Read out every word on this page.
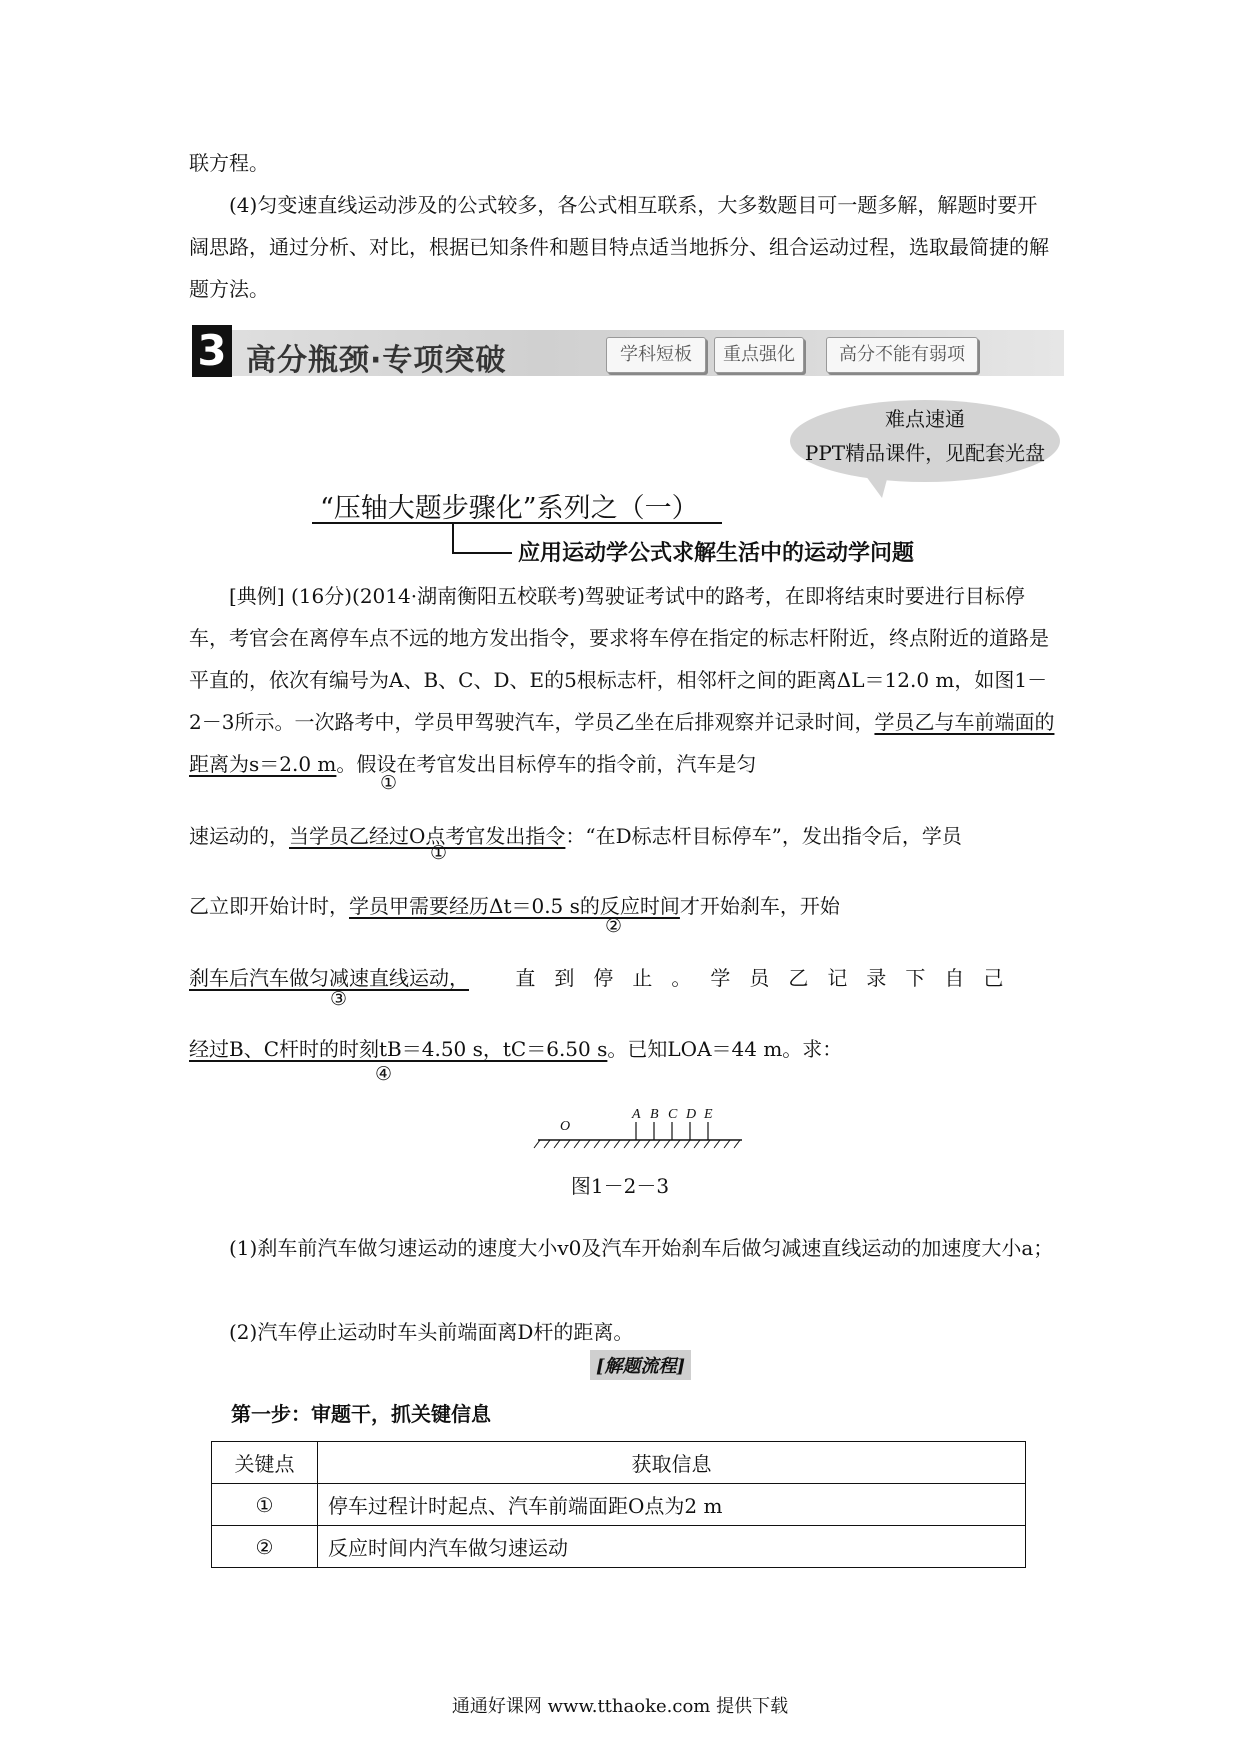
联方程。
(4)匀变速直线运动涉及的公式较多，各公式相互联系，大多数题目可一题多解，解题时要开阔思路，通过分析、对比，根据已知条件和题目特点适当地拆分、组合运动过程，选取最简捷的解题方法。
3 高分瓶颈·专项突破	学科短板	重点强化	高分不能有弱项
难点速通
PPT精品课件，见配套光盘
“压轴大题步骤化”系列之（一）
应用运动学公式求解生活中的运动学问题
[典例] (16分)(2014·湖南衡阳五校联考)驾驶证考试中的路考，在即将结束时要进行目标停车，考官会在离停车点不远的地方发出指令，要求将车停在指定的标志杆附近，终点附近的道路是平直的，依次有编号为A、B、C、D、E的5根标志杆，相邻杆之间的距离ΔL＝12.0 m，如图1－2－3所示。一次路考中，学员甲驾驶汽车，学员乙坐在后排观察并记录时间，学员乙与车前端面的距离为s＝2.0 m。假设在考官发出目标停车的指令前，汽车是匀
①
速运动的，当学员乙经过O点考官发出指令：“在D标志杆目标停车”，发出指令后，学员
①
乙立即开始计时，学员甲需要经历Δt＝0.5 s的反应时间才开始刹车，开始
②
刹车后汽车做匀减速直线运动， 直到停止。学员乙记录下自己
③
经过B、C杆时的时刻tB＝4.50 s，tC＝6.50 s。已知LOA＝44 m。求：
④
O
A B C D E
图1－2－3
(1)刹车前汽车做匀速运动的速度大小v0及汽车开始刹车后做匀减速直线运动的加速度大小a；
(2)汽车停止运动时车头前端面离D杆的距离。
[解题流程]
第一步：审题干，抓关键信息
关键点	获取信息
①	停车过程计时起点、汽车前端面距O点为2 m
②	反应时间内汽车做匀速运动
通通好课网 www.tthaoke.com 提供下载
